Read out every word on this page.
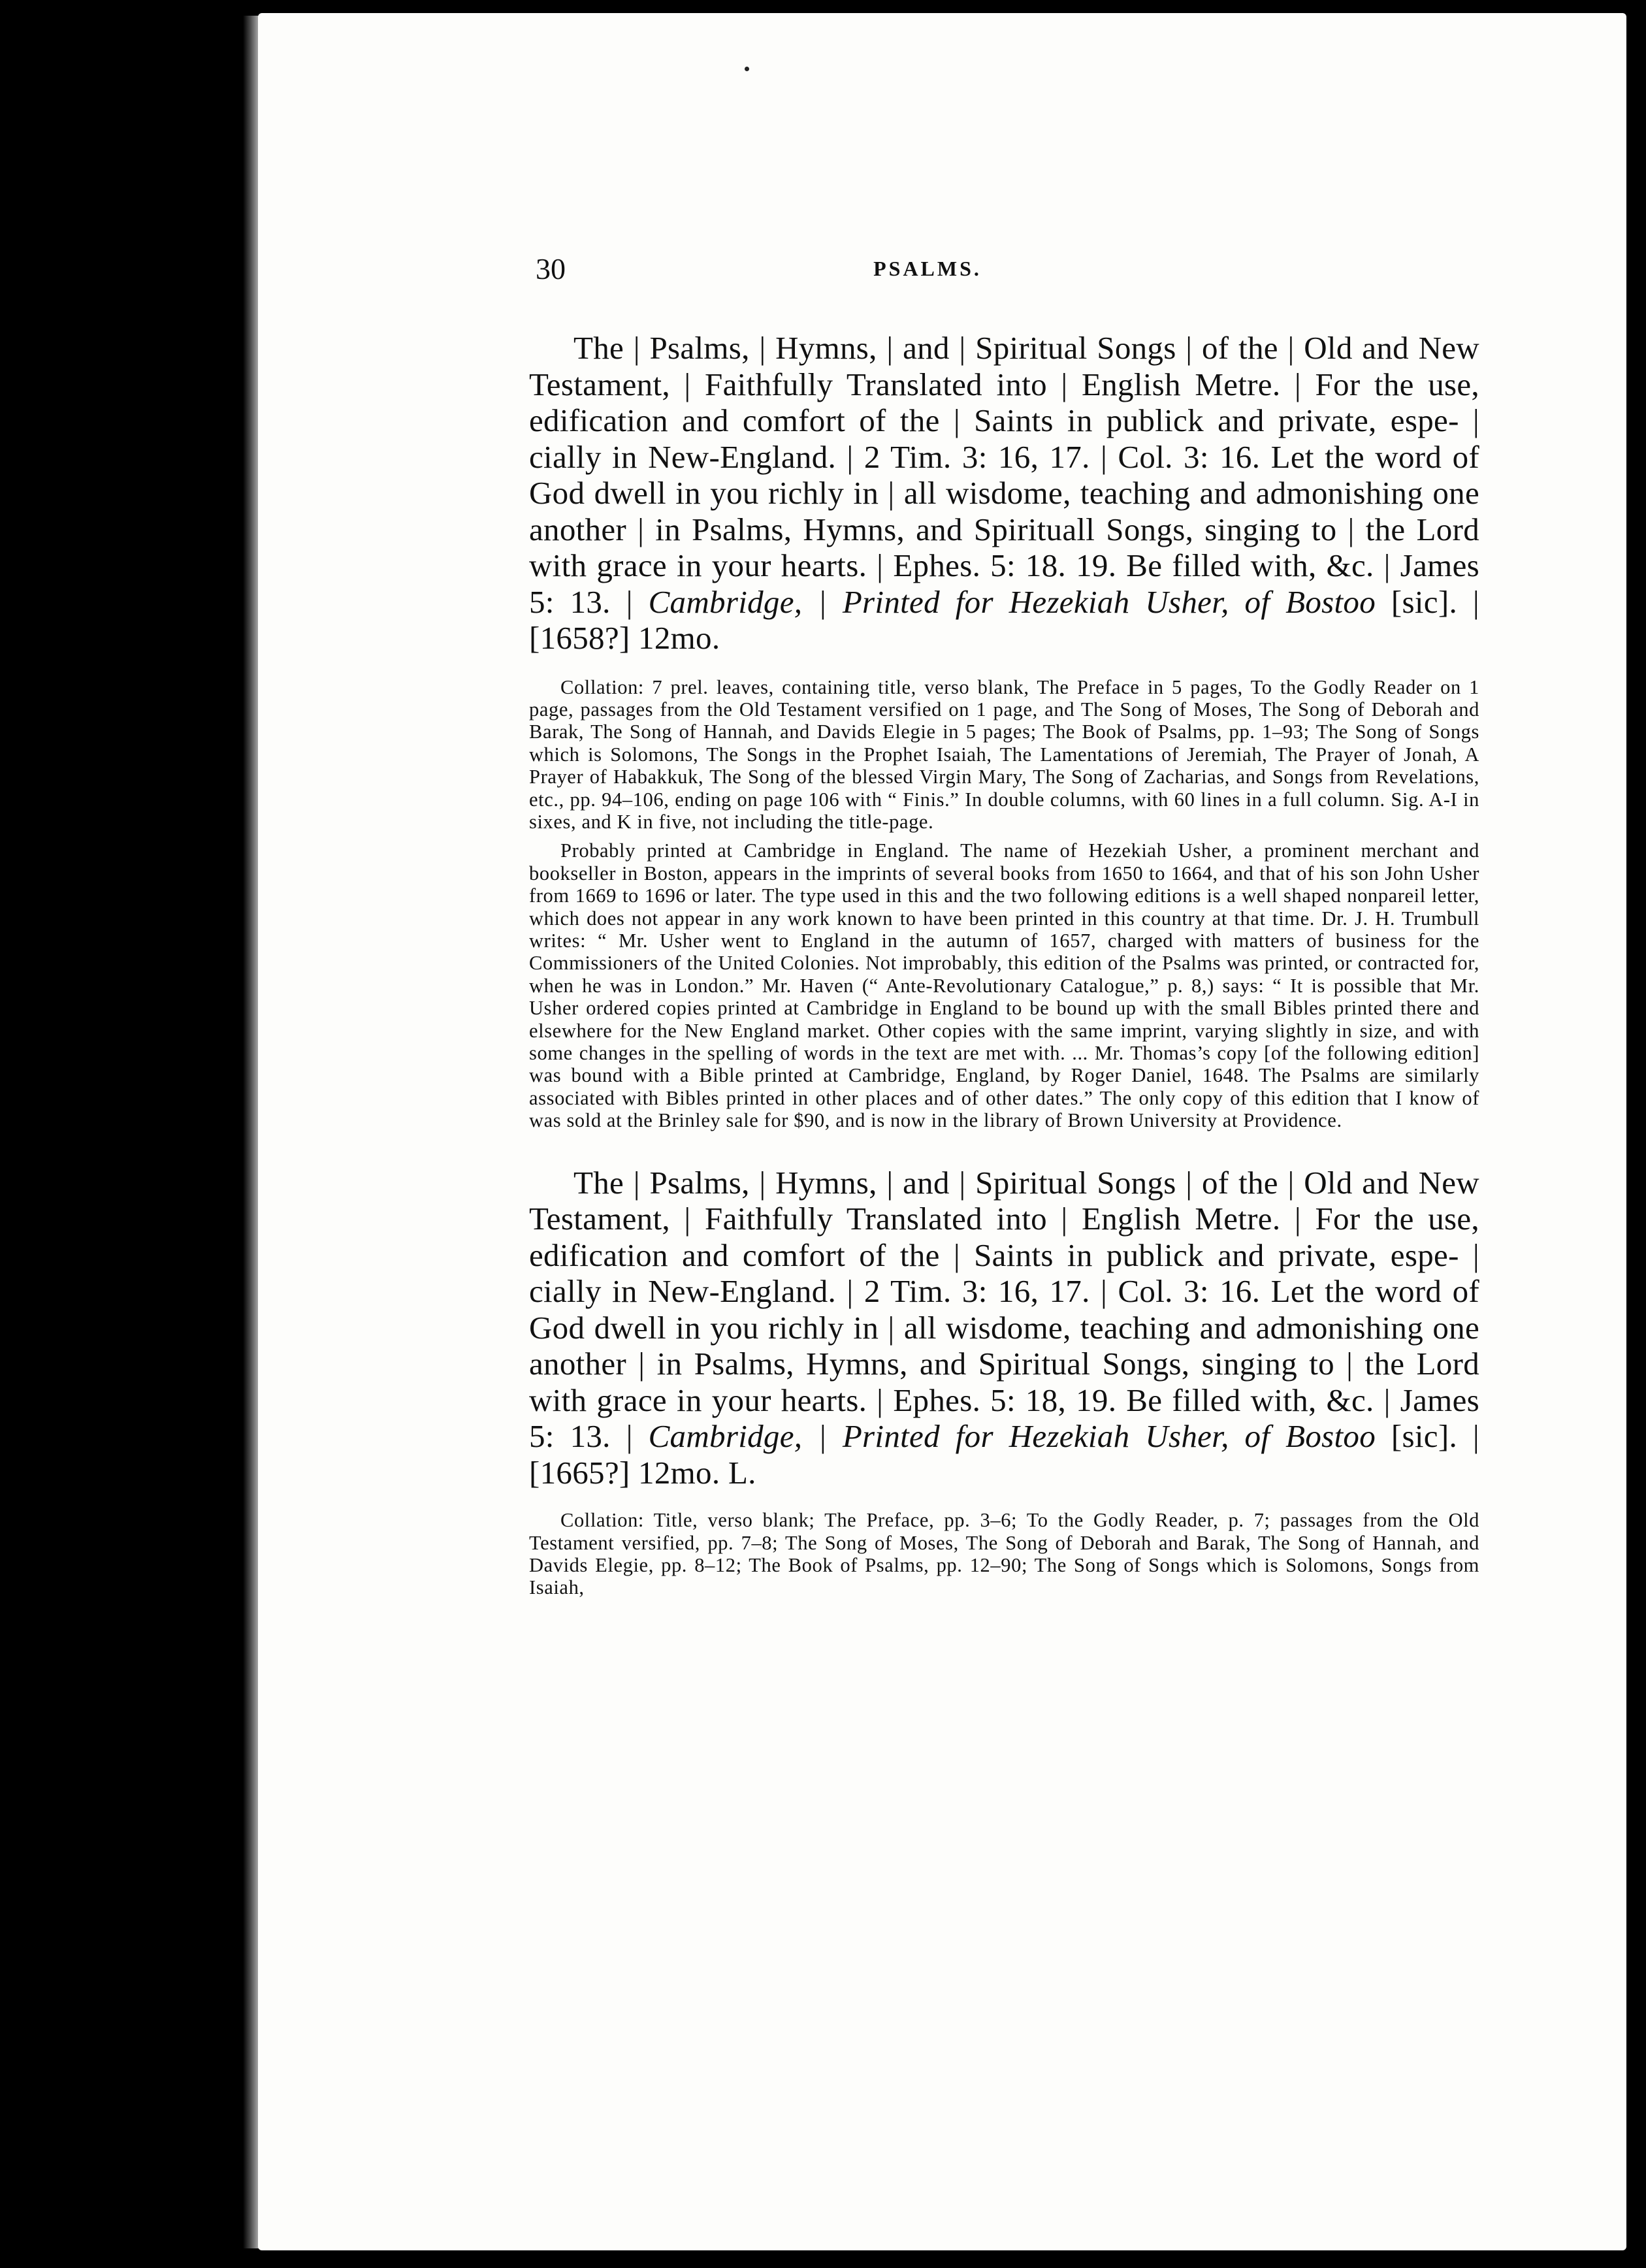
30	PSALMS.

The | Psalms, | Hymns, | and | Spiritual Songs | of the | Old and New Testament, | Faithfully Translated into | English Metre. | For the use, edification and comfort of the | Saints in publick and private, espe- | cially in New-England. | 2 Tim. 3: 16, 17. | Col. 3: 16. Let the word of God dwell in you richly in | all wisdome, teaching and admonishing one another | in Psalms, Hymns, and Spirituall Songs, singing to | the Lord with grace in your hearts. | Ephes. 5: 18. 19. Be filled with, &c. | James 5: 13. | Cambridge, | Printed for Hezekiah Usher, of Bostoo [sic]. | [1658?] 12mo.

Collation: 7 prel. leaves, containing title, verso blank, The Preface in 5 pages, To the Godly Reader on 1 page, passages from the Old Testament versified on 1 page, and The Song of Moses, The Song of Deborah and Barak, The Song of Hannah, and Davids Elegie in 5 pages; The Book of Psalms, pp. 1–93; The Song of Songs which is Solomons, The Songs in the Prophet Isaiah, The Lamentations of Jeremiah, The Prayer of Jonah, A Prayer of Habakkuk, The Song of the blessed Virgin Mary, The Song of Zacharias, and Songs from Revelations, etc., pp. 94–106, ending on page 106 with “ Finis.” In double columns, with 60 lines in a full column. Sig. A-I in sixes, and K in five, not including the title-page.

Probably printed at Cambridge in England. The name of Hezekiah Usher, a prominent merchant and bookseller in Boston, appears in the imprints of several books from 1650 to 1664, and that of his son John Usher from 1669 to 1696 or later. The type used in this and the two following editions is a well shaped nonpareil letter, which does not appear in any work known to have been printed in this country at that time. Dr. J. H. Trumbull writes: “ Mr. Usher went to England in the autumn of 1657, charged with matters of business for the Commissioners of the United Colonies. Not improbably, this edition of the Psalms was printed, or contracted for, when he was in London.” Mr. Haven (“ Ante-Revolutionary Catalogue,” p. 8,) says: “ It is possible that Mr. Usher ordered copies printed at Cambridge in England to be bound up with the small Bibles printed there and elsewhere for the New England market. Other copies with the same imprint, varying slightly in size, and with some changes in the spelling of words in the text are met with. ... Mr. Thomas’s copy [of the following edition] was bound with a Bible printed at Cambridge, England, by Roger Daniel, 1648. The Psalms are similarly associated with Bibles printed in other places and of other dates.” The only copy of this edition that I know of was sold at the Brinley sale for $90, and is now in the library of Brown University at Providence.

The | Psalms, | Hymns, | and | Spiritual Songs | of the | Old and New Testament, | Faithfully Translated into | English Metre. | For the use, edification and comfort of the | Saints in publick and private, espe- | cially in New-England. | 2 Tim. 3: 16, 17. | Col. 3: 16. Let the word of God dwell in you richly in | all wisdome, teaching and admonishing one another | in Psalms, Hymns, and Spiritual Songs, singing to | the Lord with grace in your hearts. | Ephes. 5: 18, 19. Be filled with, &c. | James 5: 13. | Cambridge, | Printed for Hezekiah Usher, of Bostoo [sic]. | [1665?] 12mo. L.

Collation: Title, verso blank; The Preface, pp. 3–6; To the Godly Reader, p. 7; passages from the Old Testament versified, pp. 7–8; The Song of Moses, The Song of Deborah and Barak, The Song of Hannah, and Davids Elegie, pp. 8–12; The Book of Psalms, pp. 12–90; The Song of Songs which is Solomons, Songs from Isaiah,
